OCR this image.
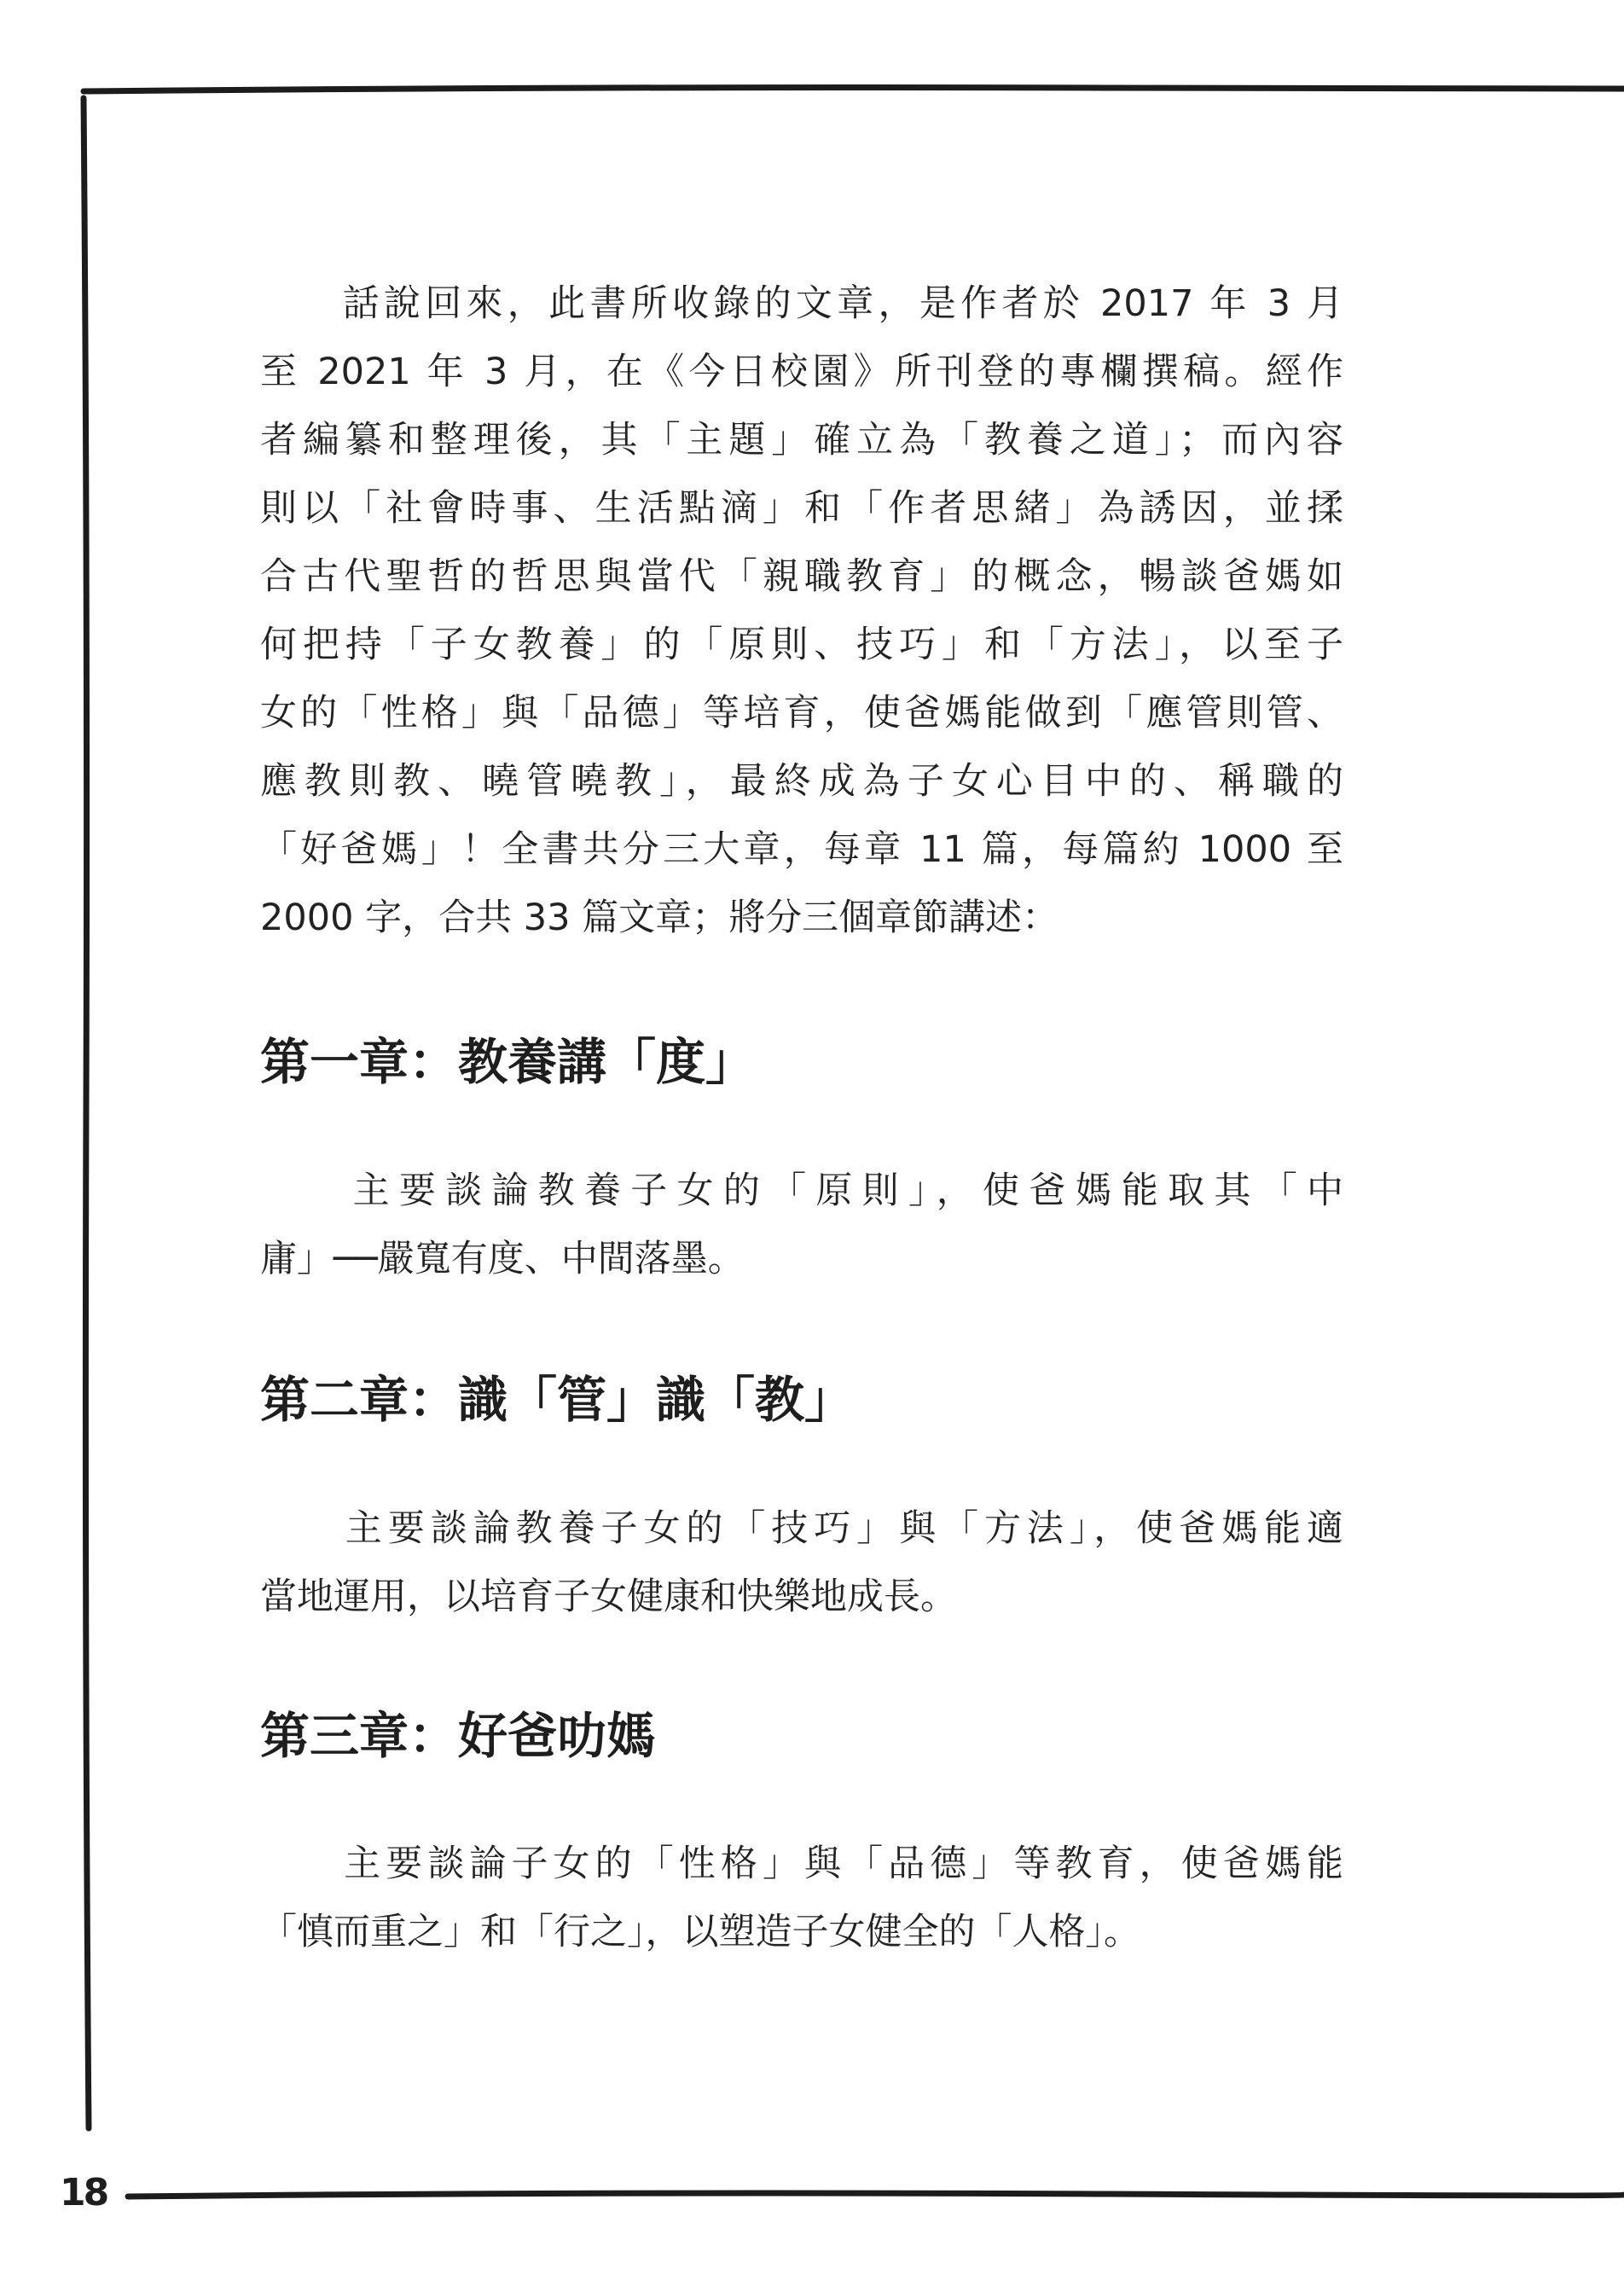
　　話說回來，此書所收錄的文章，是作者於 2017 年 3 月
至 2021 年 3 月，在《今日校園》所刊登的專欄撰稿。經作
者編纂和整理後，其「主題」確立為「教養之道」；而內容
則以「社會時事、生活點滴」和「作者思緒」為誘因，並揉
合古代聖哲的哲思與當代「親職教育」的概念，暢談爸媽如
何把持「子女教養」的「原則、技巧」和「方法」，以至子
女的「性格」與「品德」等培育，使爸媽能做到「應管則管、
應教則教、曉管曉教」，最終成為子女心目中的、稱職的
「好爸媽」！全書共分三大章，每章 11 篇，每篇約 1000 至
2000 字，合共 33 篇文章；將分三個章節講述：
第一章：教養講「度」
　　主要談論教養子女的「原則」，使爸媽能取其「中
庸」──嚴寬有度、中間落墨。
第二章：識「管」識「教」
　　主要談論教養子女的「技巧」與「方法」，使爸媽能適
當地運用，以培育子女健康和快樂地成長。
第三章：好爸叻媽
　　主要談論子女的「性格」與「品德」等教育，使爸媽能
「慎而重之」和「行之」，以塑造子女健全的「人格」。
18
